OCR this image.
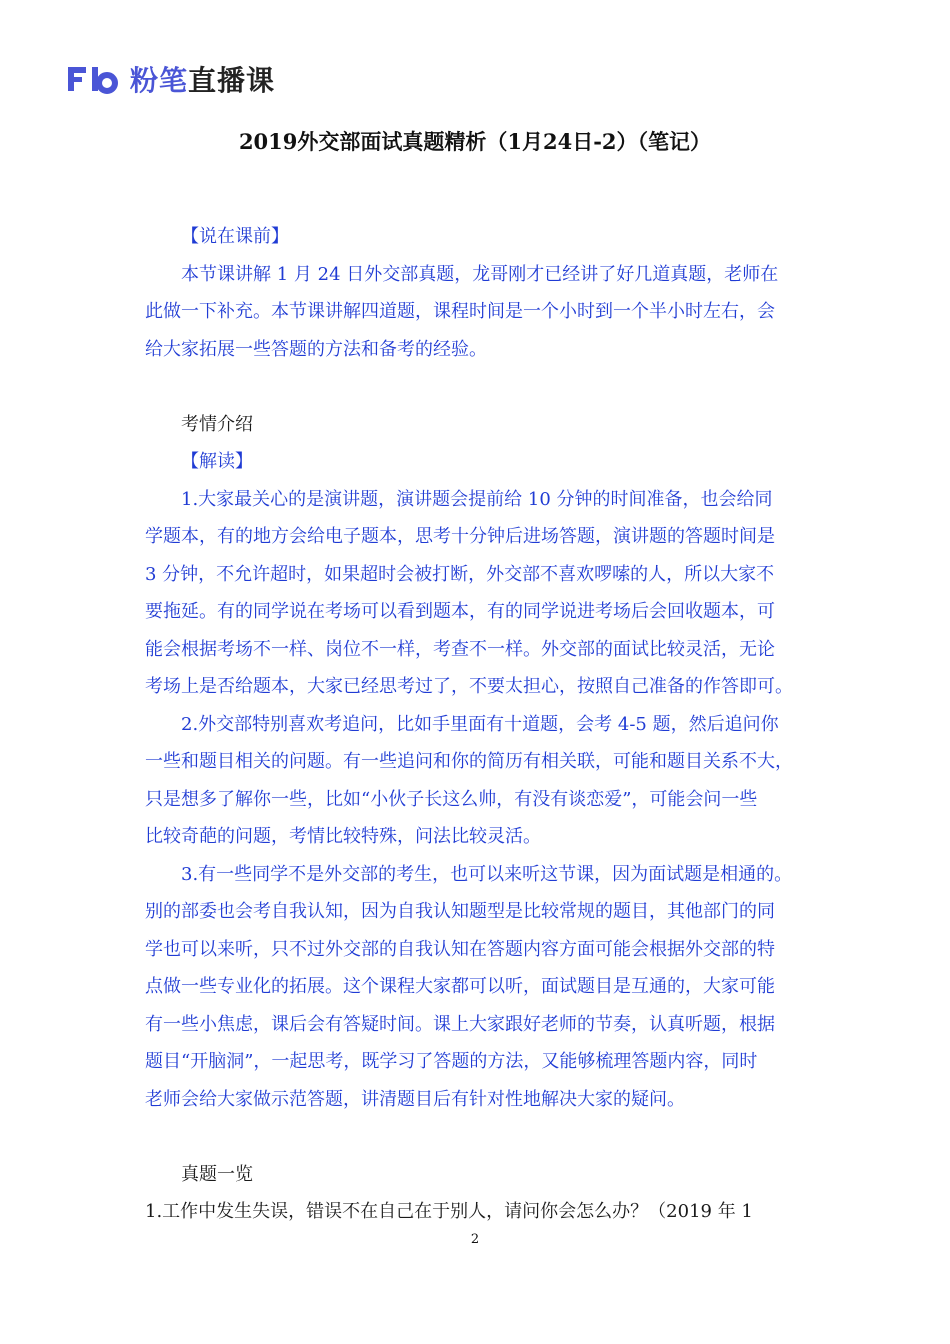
粉笔直播课
2019外交部面试真题精析（1月24日-2）（笔记）
【说在课前】
本节课讲解 1 月 24 日外交部真题，龙哥刚才已经讲了好几道真题，老师在
此做一下补充。本节课讲解四道题，课程时间是一个小时到一个半小时左右，会
给大家拓展一些答题的方法和备考的经验。
考情介绍
【解读】
1.大家最关心的是演讲题，演讲题会提前给 10 分钟的时间准备，也会给同
学题本，有的地方会给电子题本，思考十分钟后进场答题，演讲题的答题时间是
3 分钟，不允许超时，如果超时会被打断，外交部不喜欢啰嗦的人，所以大家不
要拖延。有的同学说在考场可以看到题本，有的同学说进考场后会回收题本，可
能会根据考场不一样、岗位不一样，考查不一样。外交部的面试比较灵活，无论
考场上是否给题本，大家已经思考过了，不要太担心，按照自己准备的作答即可。
2.外交部特别喜欢考追问，比如手里面有十道题，会考 4-5 题，然后追问你
一些和题目相关的问题。有一些追问和你的简历有相关联，可能和题目关系不大，
只是想多了解你一些，比如“小伙子长这么帅，有没有谈恋爱”，可能会问一些
比较奇葩的问题，考情比较特殊，问法比较灵活。
3.有一些同学不是外交部的考生，也可以来听这节课，因为面试题是相通的。
别的部委也会考自我认知，因为自我认知题型是比较常规的题目，其他部门的同
学也可以来听，只不过外交部的自我认知在答题内容方面可能会根据外交部的特
点做一些专业化的拓展。这个课程大家都可以听，面试题目是互通的，大家可能
有一些小焦虑，课后会有答疑时间。课上大家跟好老师的节奏，认真听题，根据
题目“开脑洞”，一起思考，既学习了答题的方法，又能够梳理答题内容，同时
老师会给大家做示范答题，讲清题目后有针对性地解决大家的疑问。
真题一览
1.工作中发生失误，错误不在自己在于别人，请问你会怎么办？（2019 年 1
2
